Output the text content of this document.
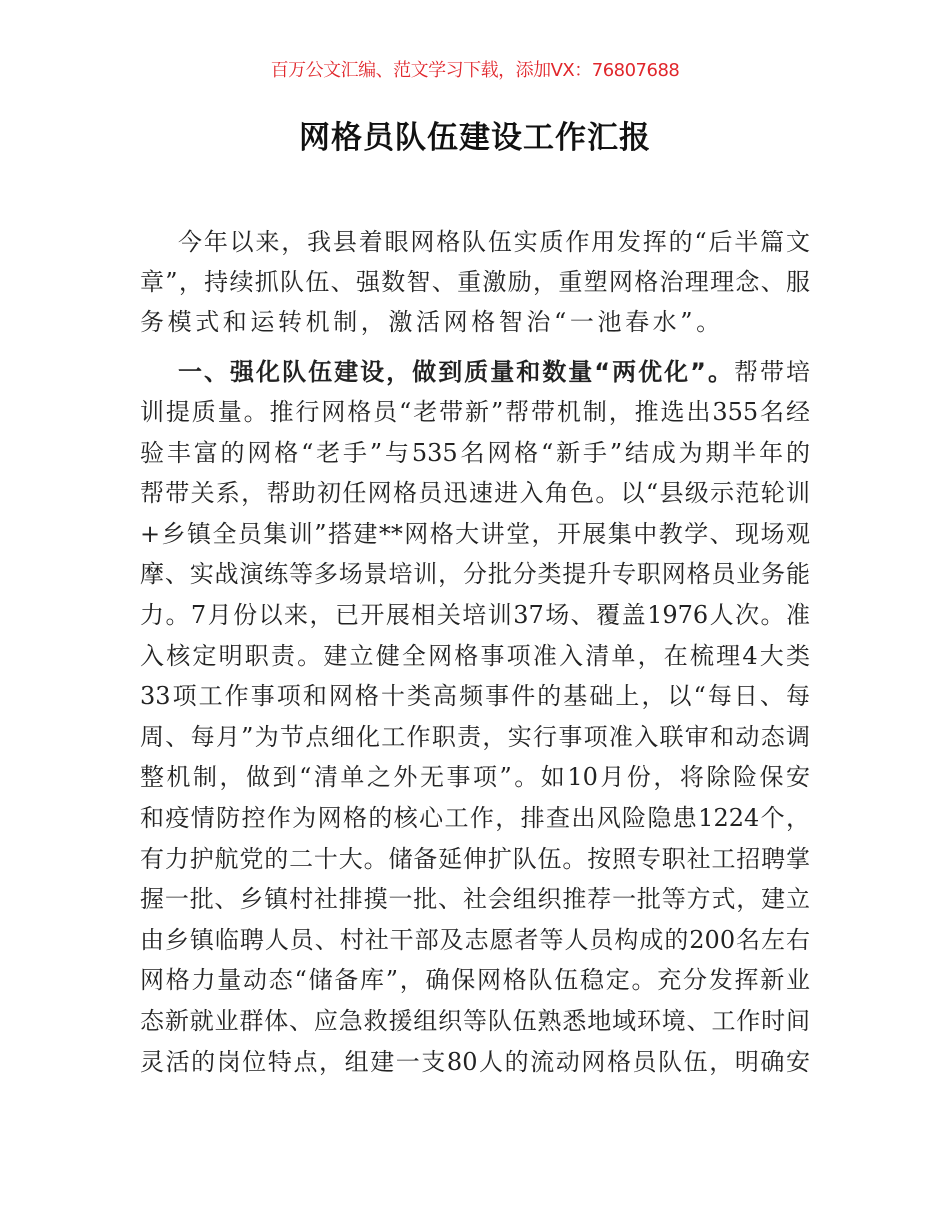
百万公文汇编、范文学习下载，添加VX：76807688
网格员队伍建设工作汇报
今年以来，我县着眼网格队伍实质作用发挥的“后半篇文
章”，持续抓队伍、强数智、重激励，重塑网格治理理念、服
务模式和运转机制，激活网格智治“一池春水”。
一、强化队伍建设，做到质量和数量“两优化”。帮带培
训提质量。推行网格员“老带新”帮带机制，推选出355名经
验丰富的网格“老手”与535名网格“新手”结成为期半年的
帮带关系，帮助初任网格员迅速进入角色。以“县级示范轮训
+乡镇全员集训”搭建**网格大讲堂，开展集中教学、现场观
摩、实战演练等多场景培训，分批分类提升专职网格员业务能
力。7月份以来，已开展相关培训37场、覆盖1976人次。准
入核定明职责。建立健全网格事项准入清单，在梳理4大类
33项工作事项和网格十类高频事件的基础上，以“每日、每
周、每月”为节点细化工作职责，实行事项准入联审和动态调
整机制，做到“清单之外无事项”。如10月份，将除险保安
和疫情防控作为网格的核心工作，排查出风险隐患1224个，
有力护航党的二十大。储备延伸扩队伍。按照专职社工招聘掌
握一批、乡镇村社排摸一批、社会组织推荐一批等方式，建立
由乡镇临聘人员、村社干部及志愿者等人员构成的200名左右
网格力量动态“储备库”，确保网格队伍稳定。充分发挥新业
态新就业群体、应急救援组织等队伍熟悉地域环境、工作时间
灵活的岗位特点，组建一支80人的流动网格员队伍，明确安
